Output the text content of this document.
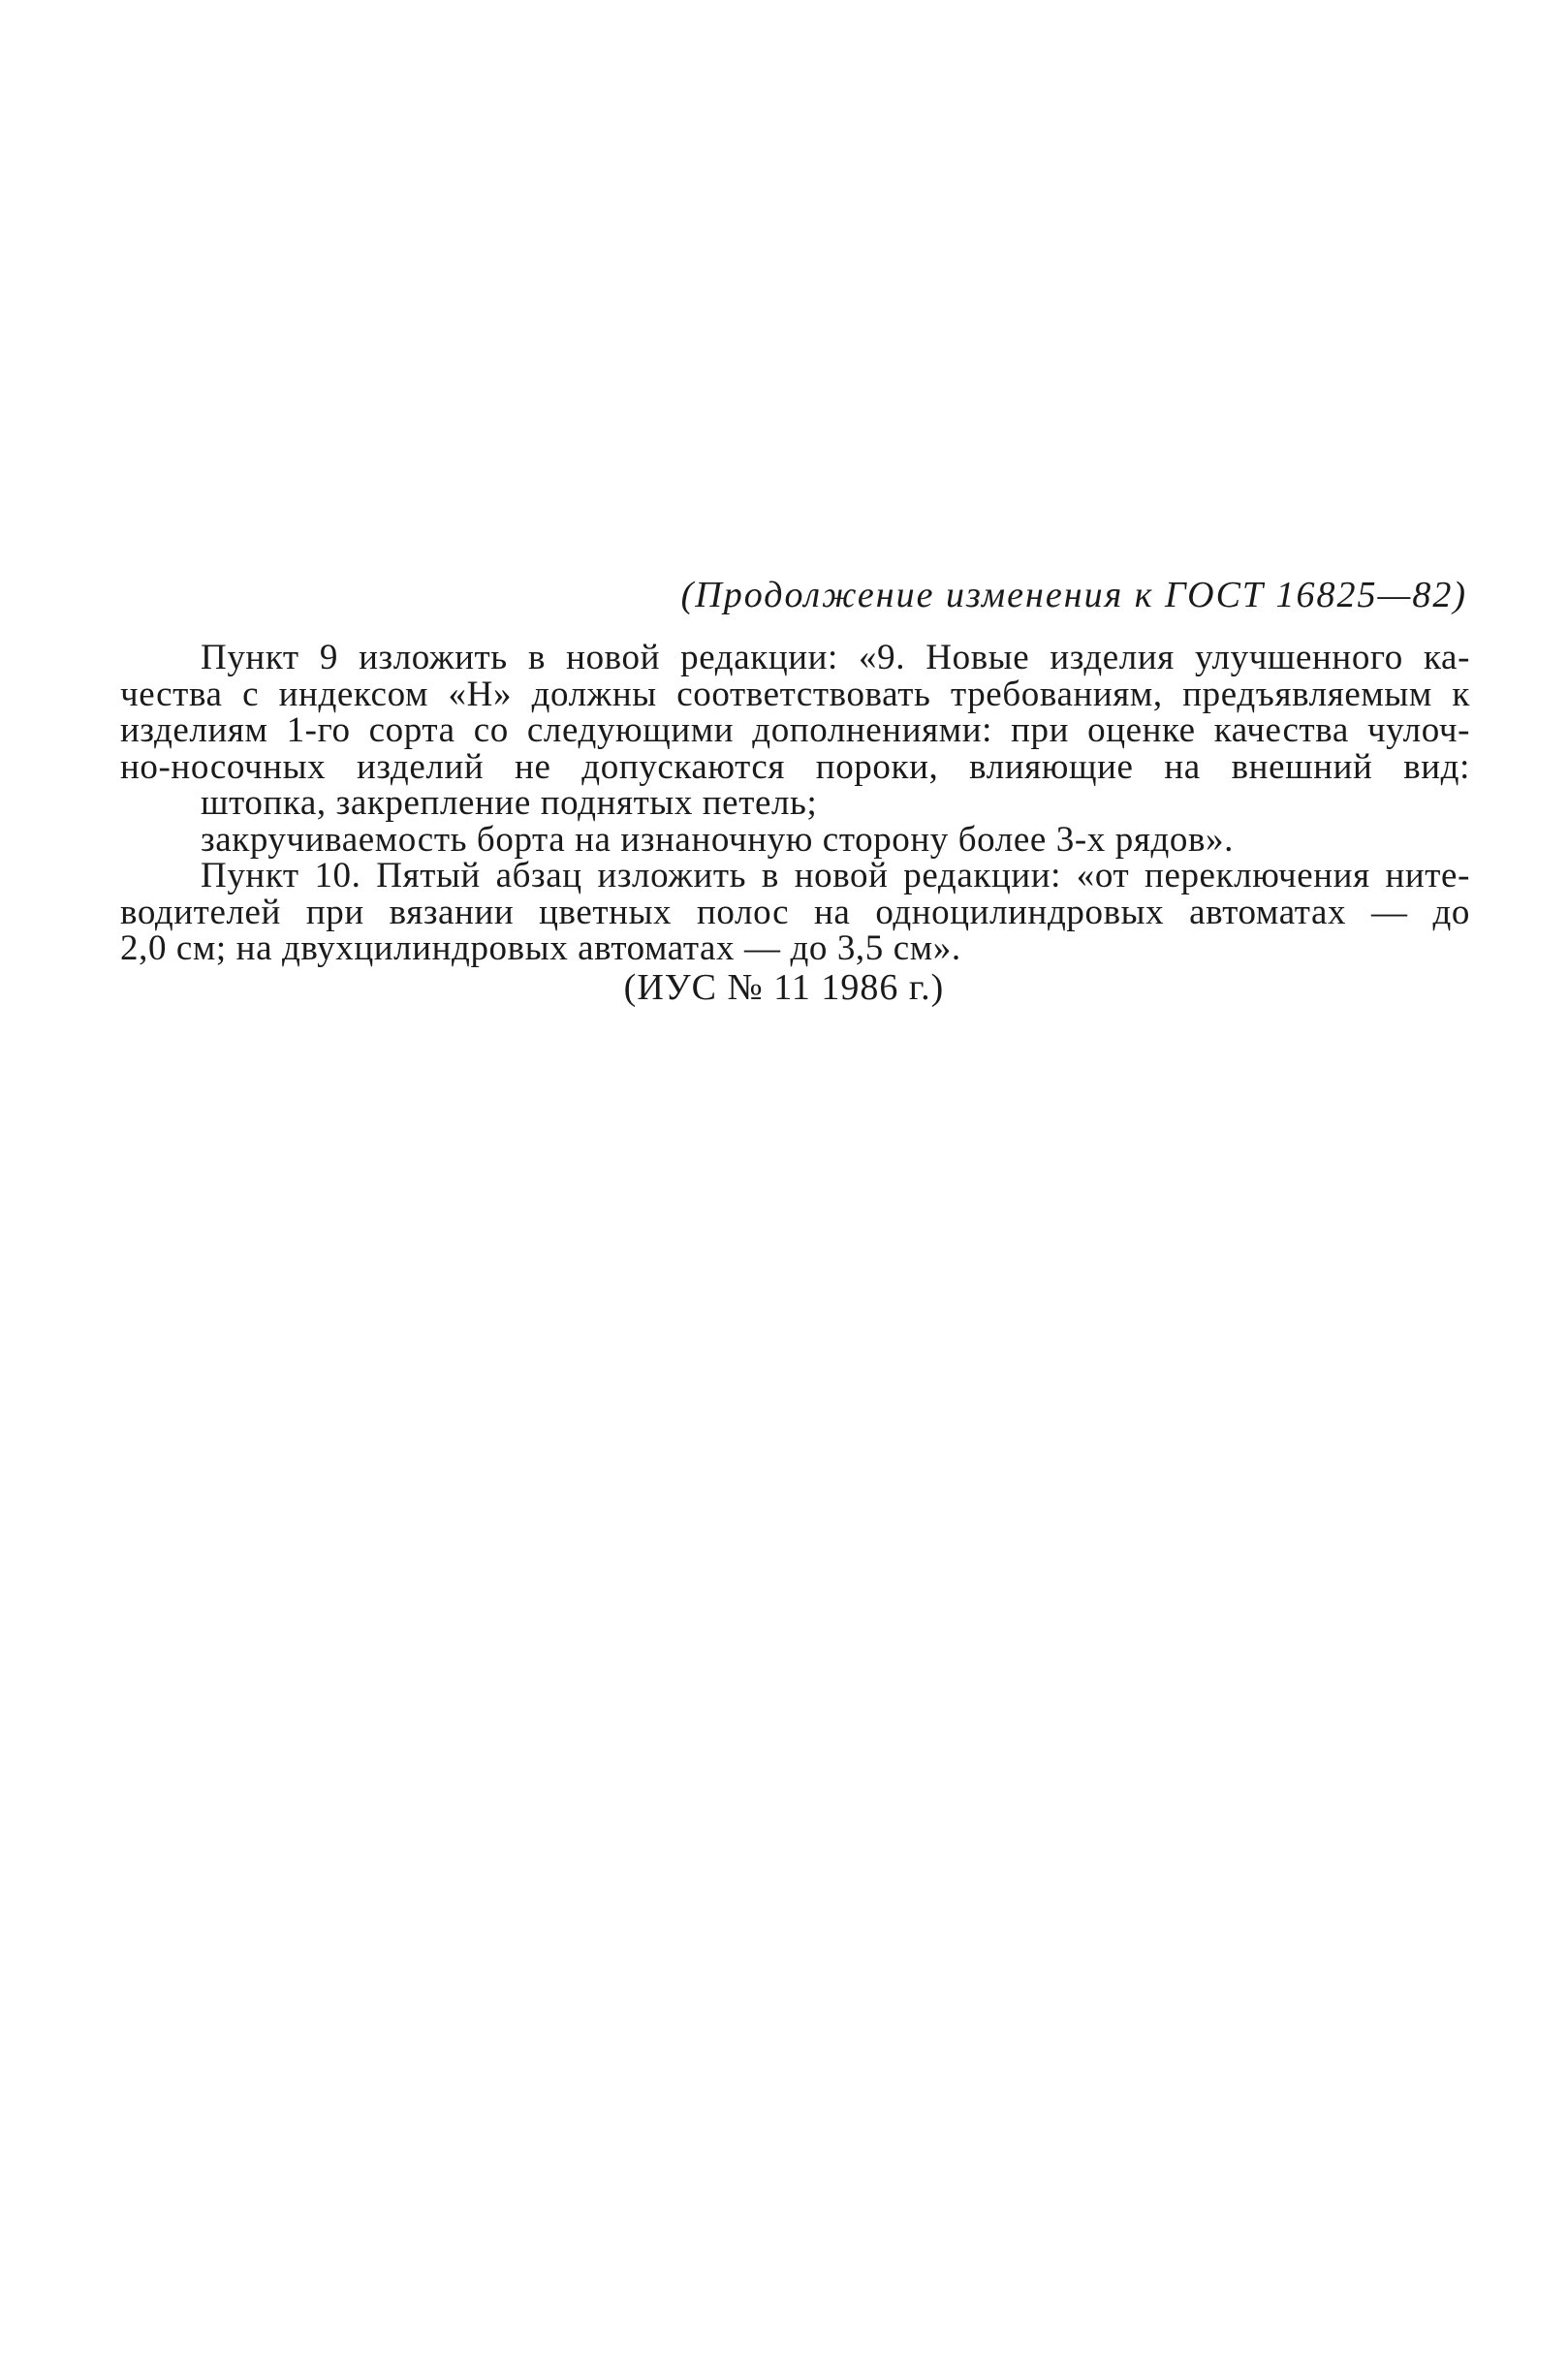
(Продолжение изменения к ГОСТ 16825—82)
Пункт 9 изложить в новой редакции: «9. Новые изделия улучшенного ка-
чества с индексом «Н» должны соответствовать требованиям, предъявляемым к
изделиям 1-го сорта со следующими дополнениями: при оценке качества чулоч-
но-носочных изделий не допускаются пороки, влияющие на внешний вид:
штопка, закрепление поднятых петель;
закручиваемость борта на изнаночную сторону более 3-х рядов».
Пункт 10. Пятый абзац изложить в новой редакции: «от переключения ните-
водителей при вязании цветных полос на одноцилиндровых автоматах — до
2,0 см; на двухцилиндровых автоматах — до 3,5 см».
(ИУС № 11 1986 г.)
